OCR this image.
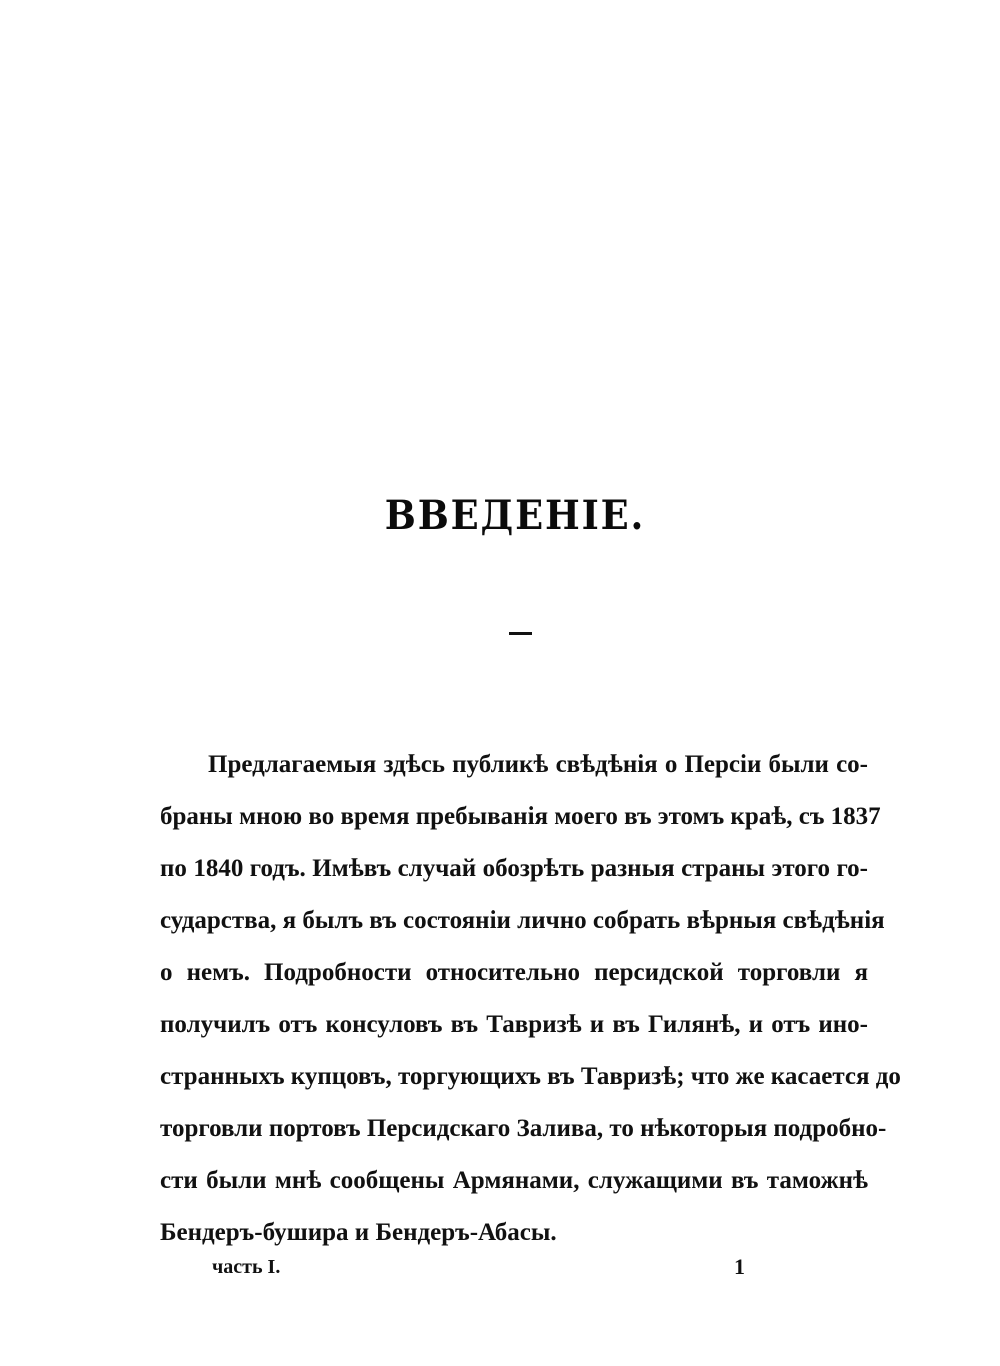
ВВЕДЕНІЕ.
Предлагаемыя здѣсь публикѣ свѣдѣнія о Персіи были со-
браны мною во время пребыванія моего въ этомъ краѣ, съ 1837
по 1840 годъ. Имѣвъ случай обозрѣть разныя страны этого го-
сударства, я былъ въ состояніи лично собрать вѣрныя свѣдѣнія
о немъ. Подробности относительно персидской торговли я
получилъ отъ консуловъ въ Тавризѣ и въ Гилянѣ, и отъ ино-
странныхъ купцовъ, торгующихъ въ Тавризѣ; что же касается до
торговли портовъ Персидскаго Залива, то нѣкоторыя подробно-
сти были мнѣ сообщены Армянами, служащими въ таможнѣ
Бендеръ-бушира и Бендеръ-Абасы.
часть I.	1
